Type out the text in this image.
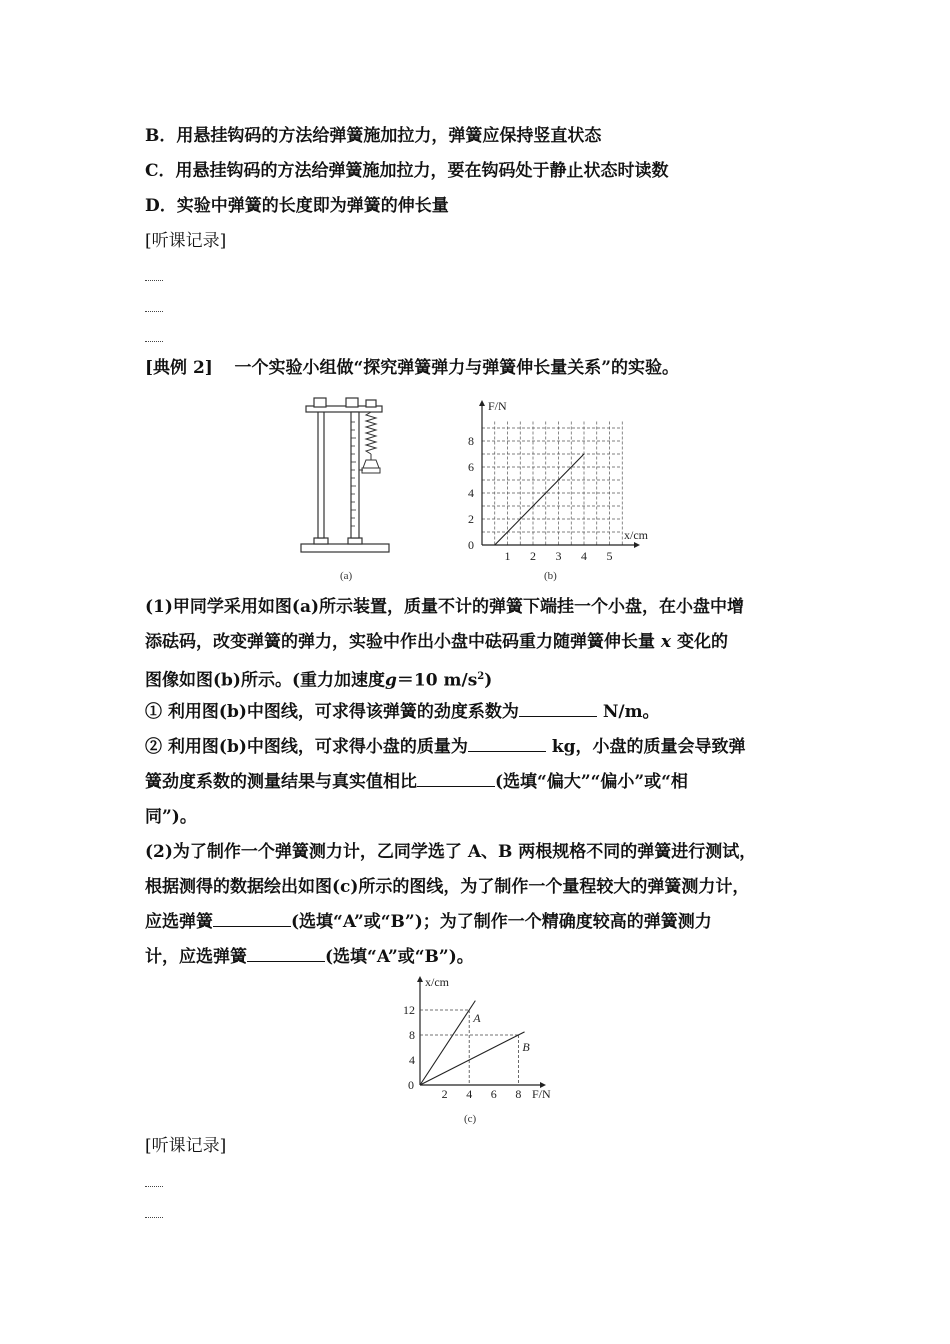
B．用悬挂钩码的方法给弹簧施加拉力，弹簧应保持竖直状态
C．用悬挂钩码的方法给弹簧施加拉力，要在钩码处于静止状态时读数
D．实验中弹簧的长度即为弹簧的伸长量
[听课记录]
[典例 2] 一个实验小组做“探究弹簧弹力与弹簧伸长量关系”的实验。
(a)
F/N
x/cm
0
1 2 3 4 5
2
4
6
8
(b)
(1)甲同学采用如图(a)所示装置，质量不计的弹簧下端挂一个小盘，在小盘中增
添砝码，改变弹簧的弹力，实验中作出小盘中砝码重力随弹簧伸长量 x 变化的
图像如图(b)所示。(重力加速度g＝10 $m/s^2$)
① 利用图(b)中图线，可求得该弹簧的劲度系数为	N/m。
② 利用图(b)中图线，可求得小盘的质量为	kg，小盘的质量会导致弹
簧劲度系数的测量结果与真实值相比	(选填“偏大”“偏小”或“相
同”)。
(2)为了制作一个弹簧测力计，乙同学选了 A、B 两根规格不同的弹簧进行测试，
根据测得的数据绘出如图(c)所示的图线，为了制作一个量程较大的弹簧测力计，
应选弹簧	(选填“A”或“B”)；为了制作一个精确度较高的弹簧测力
计，应选弹簧	(选填“A”或“B”)。
x/cm
F/N
0
2 4 6 8
4
8
12
A
B
(c)
[听课记录]
